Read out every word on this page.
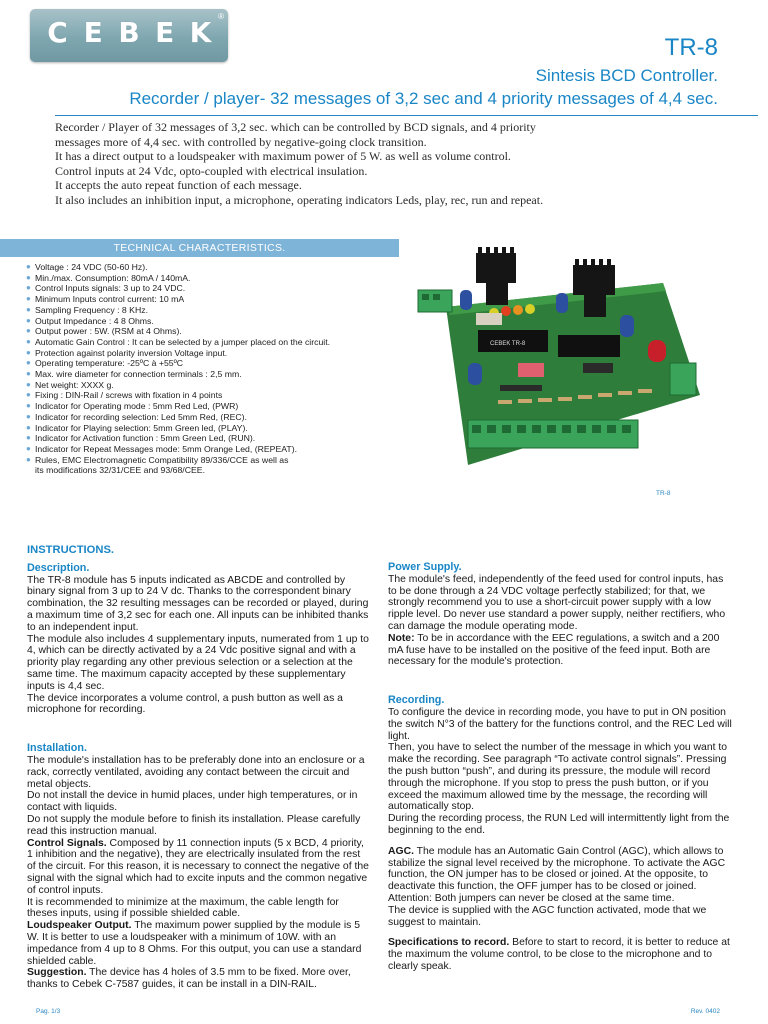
C E B E K ®
TR-8
Sintesis BCD Controller.
Recorder / player- 32 messages of 3,2 sec and 4 priority messages of 4,4 sec.
Recorder / Player of 32 messages of 3,2 sec. which can be controlled by BCD signals, and 4 priority
messages more of 4,4 sec. with controlled by negative-going clock transition.
It has a direct output to a loudspeaker with maximum power of 5 W. as well as volume control.
Control inputs at 24 Vdc, opto-coupled with electrical insulation.
It accepts the auto repeat function of each message.
It also includes an inhibition input, a microphone, operating indicators Leds, play, rec, run and repeat.
TECHNICAL CHARACTERISTICS.
● Voltage : 24 VDC (50-60 Hz).
● Min./max. Consumption: 80mA / 140mA.
● Control Inputs signals: 3 up to 24 VDC.
● Minimum Inputs control current: 10 mA
● Sampling Frequency : 8 KHz.
● Output Impedance : 4 8 Ohms.
● Output power : 5W. (RSM at 4 Ohms).
● Automatic Gain Control : It can be selected by a jumper placed on the circuit.
● Protection against polarity inversion Voltage input.
● Operating temperature: -25ºC à +55ºC
● Max. wire diameter for connection terminals : 2,5 mm.
● Net weight: XXXX g.
● Fixing : DIN-Rail / screws with fixation in 4 points
● Indicator for Operating mode : 5mm Red Led, (PWR)
● Indicator for recording selection: Led 5mm Red, (REC).
● Indicator for Playing selection: 5mm Green led, (PLAY).
● Indicator for Activation function : 5mm Green Led, (RUN).
● Indicator for Repeat Messages mode: 5mm Orange Led, (REPEAT).
● Rules, EMC Electromagnetic Compatibility 89/336/CCE as well as
its modifications 32/31/CEE and 93/68/CEE.
CEBEK TR-8
TR-8

INSTRUCTIONS.

Description.

The TR-8 module has 5 inputs indicated as ABCDE and controlled by binary signal from 3 up to 24 V dc. Thanks to the correspondent binary combination, the 32 resulting messages can be recorded or played, during a maximum time of 3,2 sec for each one. All inputs can be inhibited thanks to an independent input.

The module also includes 4 supplementary inputs, numerated from 1 up to 4, which can be directly activated by a 24 Vdc positive signal and with a priority play regarding any other previous selection or a selection at the same time. The maximum capacity accepted by these supplementary inputs is 4,4 sec.

The device incorporates a volume control, a push button as well as a microphone for recording.

Installation.

The module's installation has to be preferably done into an enclosure or a rack, correctly ventilated, avoiding any contact between the circuit and metal objects.

Do not install the device in humid places, under high temperatures, or in contact with liquids.

Do not supply the module before to finish its installation. Please carefully read this instruction manual.

Control Signals. Composed by 11 connection inputs (5 x BCD, 4 priority, 1 inhibition and the negative), they are electrically insulated from the rest of the circuit. For this reason, it is necessary to connect the negative of the signal with the signal which had to excite inputs and the common negative of control inputs.

It is recommended to minimize at the maximum, the cable length for theses inputs, using if possible shielded cable.

Loudspeaker Output. The maximum power supplied by the module is 5 W. It is better to use a loudspeaker with a minimum of 10W. with an impedance from 4 up to 8 Ohms. For this output, you can use a standard shielded cable.

Suggestion. The device has 4 holes of 3.5 mm to be fixed. More over, thanks to Cebek C-7587 guides, it can be install in a DIN-RAIL.

Power Supply.

The module's feed, independently of the feed used for control inputs, has to be done through a 24 VDC voltage perfectly stabilized; for that, we strongly recommend you to use a short-circuit power supply with a low ripple level. Do never use standard a power supply, neither rectifiers, who can damage the module operating mode.

Note: To be in accordance with the EEC regulations, a switch and a 200 mA fuse have to be installed on the positive of the feed input. Both are necessary for the module's protection.

Recording.

To configure the device in recording mode, you have to put in ON position the switch N°3 of the battery for the functions control, and the REC Led will light.

Then, you have to select the number of the message in which you want to make the recording. See paragraph “To activate control signals”. Pressing the push button “push”, and during its pressure, the module will record through the microphone. If you stop to press the push button, or if you exceed the maximum allowed time by the message, the recording will automatically stop.

During the recording process, the RUN Led will intermittently light from the beginning to the end.

AGC. The module has an Automatic Gain Control (AGC), which allows to stabilize the signal level received by the microphone. To activate the AGC function, the ON jumper has to be closed or joined. At the opposite, to deactivate this function, the OFF jumper has to be closed or joined.

Attention: Both jumpers can never be closed at the same time.

The device is supplied with the AGC function activated, mode that we suggest to maintain.

Specifications to record. Before to start to record, it is better to reduce at the maximum the volume control, to be close to the microphone and to clearly speak.

Pag. 1/3	Rev. 0402
